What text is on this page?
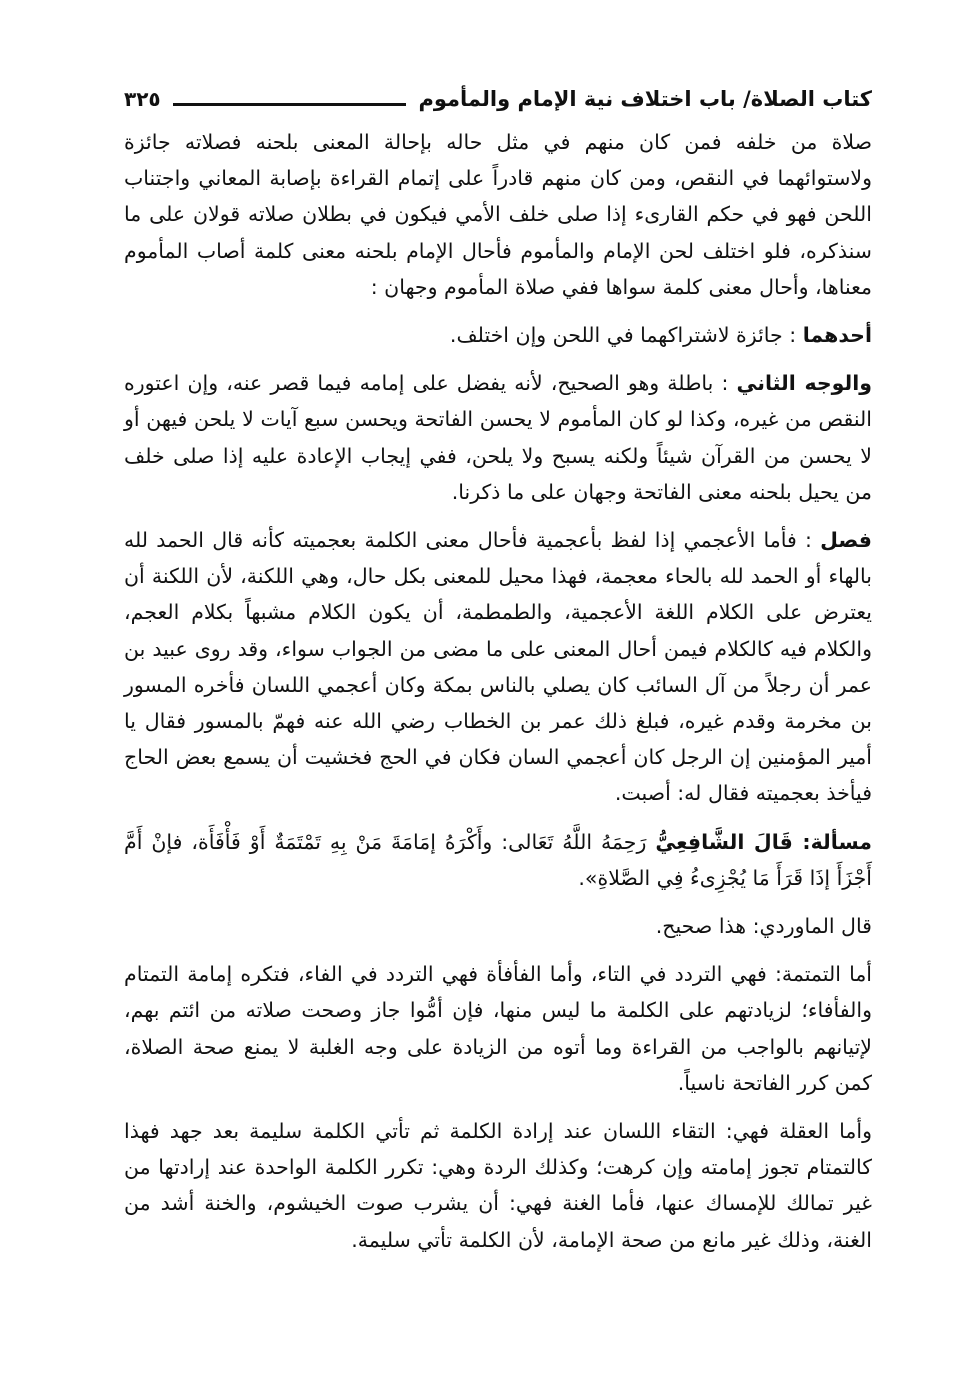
كتاب الصلاة/ باب اختلاف نية الإمام والمأموم
٣٢٥

صلاة من خلفه فمن كان منهم في مثل حاله بإحالة المعنى بلحنه فصلاته جائزة ولاستوائهما في النقص، ومن كان منهم قادراً على إتمام القراءة بإصابة المعاني واجتناب اللحن فهو في حكم القارىء إذا صلى خلف الأمي فيكون في بطلان صلاته قولان على ما سنذكره، فلو اختلف لحن الإمام والمأموم فأحال الإمام بلحنه معنى كلمة أصاب المأموم معناها، وأحال معنى كلمة سواها ففي صلاة المأموم وجهان :

أحدهما : جائزة لاشتراكهما في اللحن وإن اختلف.

والوجه الثاني : باطلة وهو الصحيح، لأنه يفضل على إمامه فيما قصر عنه، وإن اعتوره النقص من غيره، وكذا لو كان المأموم لا يحسن الفاتحة ويحسن سبع آيات لا يلحن فيهن أو لا يحسن من القرآن شيئاً ولكنه يسبح ولا يلحن، ففي إيجاب الإعادة عليه إذا صلى خلف من يحيل بلحنه معنى الفاتحة وجهان على ما ذكرنا.

فصل : فأما الأعجمي إذا لفظ بأعجمية فأحال معنى الكلمة بعجميته كأنه قال الحمد لله بالهاء أو الحمد لله بالحاء معجمة، فهذا محيل للمعنى بكل حال، وهي اللكنة، لأن اللكنة أن يعترض على الكلام اللغة الأعجمية، والطمطمة، أن يكون الكلام مشبهاً بكلام العجم، والكلام فيه كالكلام فيمن أحال المعنى على ما مضى من الجواب سواء، وقد روى عبيد بن عمر أن رجلاً من آل السائب كان يصلي بالناس بمكة وكان أعجمي اللسان فأخره المسور بن مخرمة وقدم غيره، فبلغ ذلك عمر بن الخطاب رضي الله عنه فهمّ بالمسور فقال يا أمير المؤمنين إن الرجل كان أعجمي السان فكان في الحج فخشيت أن يسمع بعض الحاج فيأخذ بعجميته فقال له: أصبت.

مسألة: قَالَ الشَّافِعِيُّ رَحِمَهُ اللَّهُ تَعَالى: وأَكْرَهُ إمَامَةَ مَنْ بِهِ تَمْتَمَةٌ أَوْ فَأْفَأَة، فإنْ أَمَّ أَجْزَأَ إذَا قَرَأَ مَا يُجْزِىءُ فِي الصَّلاةِ».

قال الماوردي: هذا صحيح.

أما التمتمة: فهي التردد في التاء، وأما الفأفأة فهي التردد في الفاء، فتكره إمامة التمتام والفأفاء؛ لزيادتهم على الكلمة ما ليس منها، فإن أمُّوا جاز وصحت صلاته من ائتم بهم، لإتيانهم بالواجب من القراءة وما أتوه من الزيادة على وجه الغلبة لا يمنع صحة الصلاة، كمن كرر الفاتحة ناسياً.

وأما العقلة فهي: التقاء اللسان عند إرادة الكلمة ثم تأتي الكلمة سليمة بعد جهد فهذا كالتمتام تجوز إمامته وإن كرهت؛ وكذلك الردة وهي: تكرر الكلمة الواحدة عند إرادتها من غير تمالك للإمساك عنها، فأما الغنة فهي: أن يشرب صوت الخيشوم، والخنة أشد من الغنة، وذلك غير مانع من صحة الإمامة، لأن الكلمة تأتي سليمة.
